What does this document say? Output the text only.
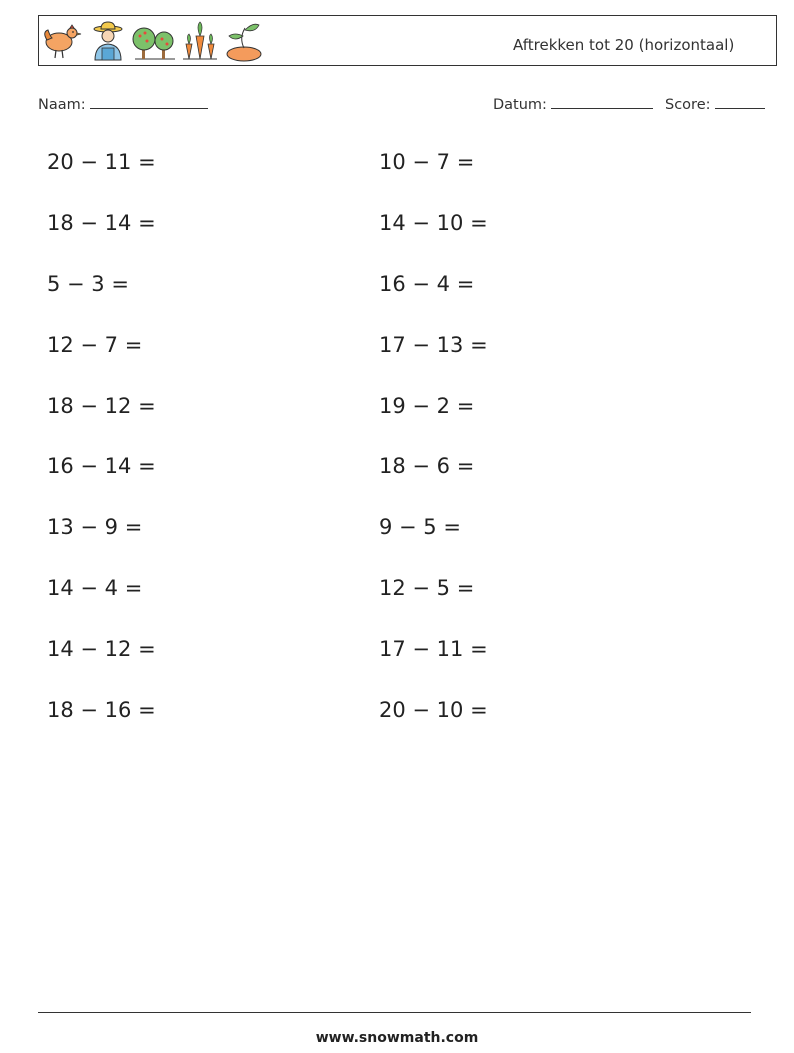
Aftrekken tot 20 (horizontaal)
Naam:	Datum:	Score:
20 − 11 =
18 − 14 =
5 − 3 =
12 − 7 =
18 − 12 =
16 − 14 =
13 − 9 =
14 − 4 =
14 − 12 =
18 − 16 =
10 − 7 =
14 − 10 =
16 − 4 =
17 − 13 =
19 − 2 =
18 − 6 =
9 − 5 =
12 − 5 =
17 − 11 =
20 − 10 =
www.snowmath.com
